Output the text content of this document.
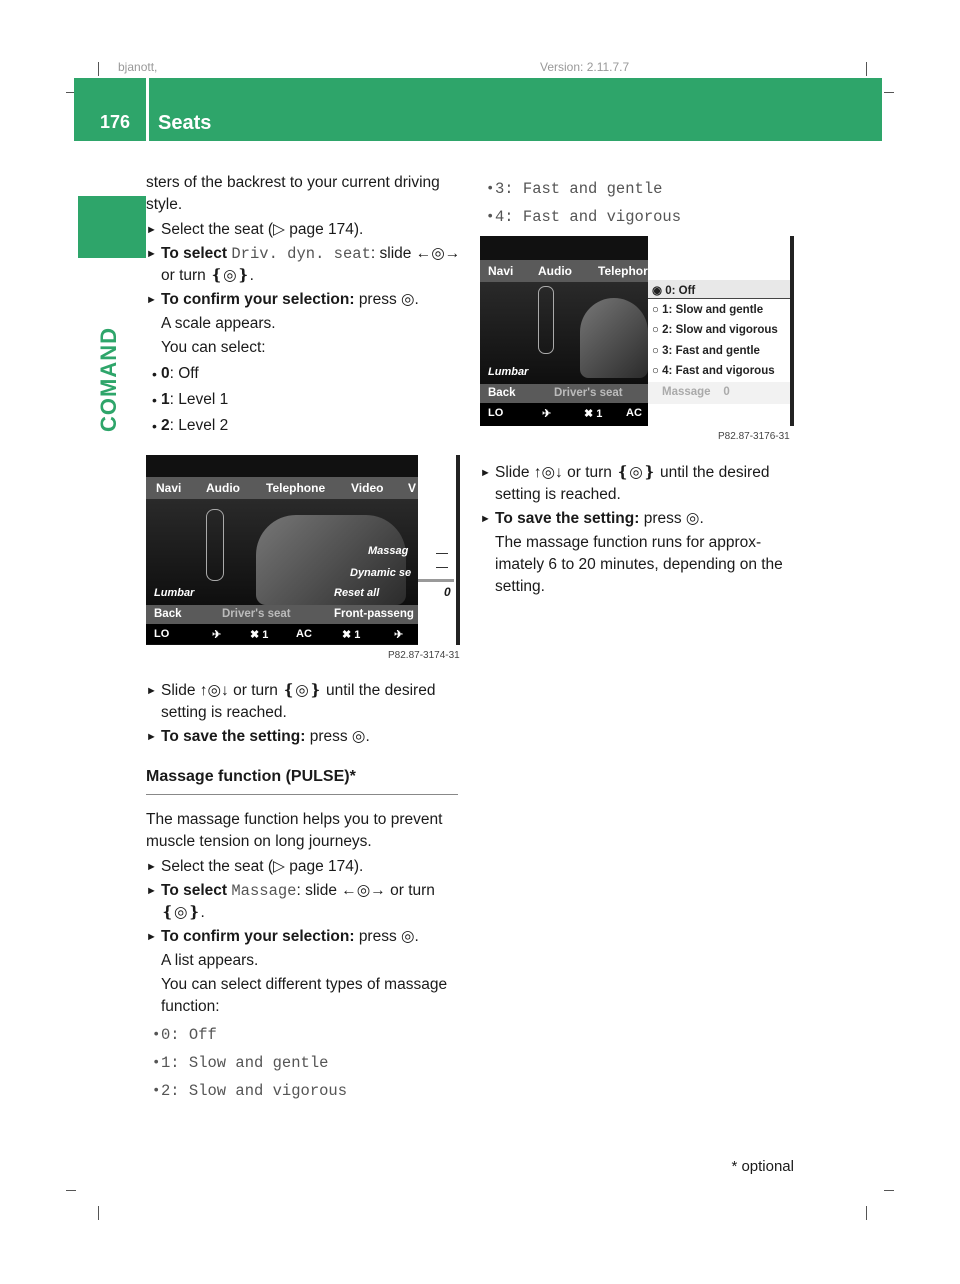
bjanott,	Version: 2.11.7.7
176 Seats
COMAND

sters of the backrest to your current driving style.

► Select the seat (▷ page 174).
► To select Driv. dyn. seat: slide ←◎→ or turn ❴◎❵.
► To confirm your selection: press ◎.
A scale appears.
You can select:
• 0: Off
• 1: Level 1
• 2: Level 2
Navi Audio Telephone Video V
Massag
Dynamic se
Lumbar	Reset all
Back	Driver's seat	Front-passeng
LO	✈	✖ 1	AC	✖ 1	✈
0
P82.87-3174-31
► Slide ↑◎↓ or turn ❴◎❵ until the desired setting is reached.
► To save the setting: press ◎.
Massage function (PULSE)*

The massage function helps you to prevent muscle tension on long journeys.

► Select the seat (▷ page 174).
► To select Massage: slide ←◎→ or turn ❴◎❵.
► To confirm your selection: press ◎.
A list appears.
You can select different types of massage function:
• 0: Off
• 1: Slow and gentle
• 2: Slow and vigorous
• 3: Fast and gentle
• 4: Fast and vigorous
Navi Audio Telephor
Lumbar
Back	Driver's seat
LO	✈	✖ 1 AC
◉ 0: Off
○ 1: Slow and gentle
○ 2: Slow and vigorous
○ 3: Fast and gentle
○ 4: Fast and vigorous
Massage    0
P82.87-3176-31
► Slide ↑◎↓ or turn ❴◎❵ until the desired setting is reached.
► To save the setting: press ◎.
The massage function runs for approx- imately 6 to 20 minutes, depending on the setting.
* optional
